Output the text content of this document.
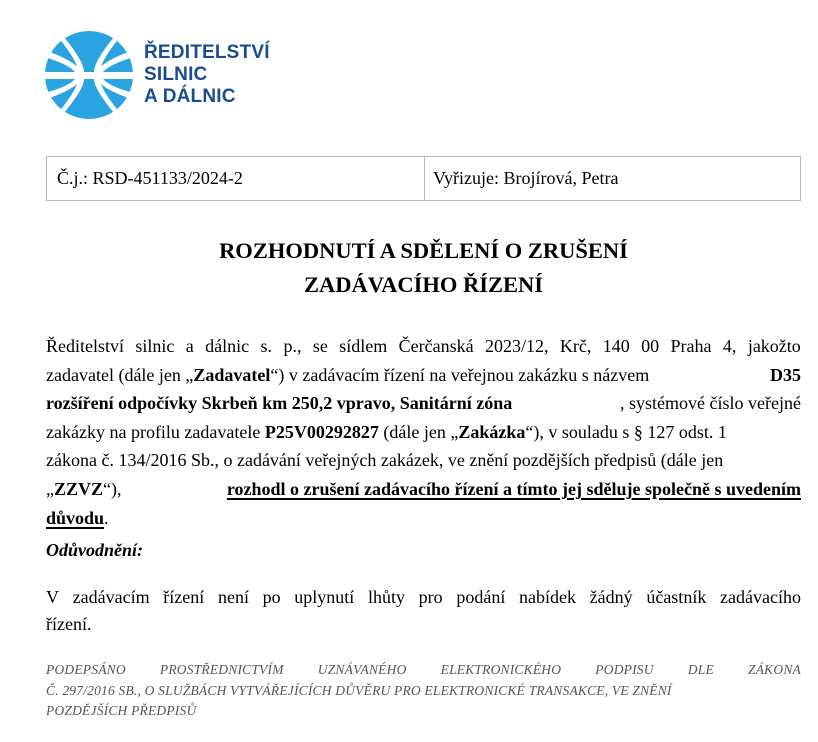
ŘEDITELSTVÍ
SILNIC
A DÁLNIC
Č.j.: RSD-451133/2024-2	Vyřizuje: Brojírová, Petra
ROZHODNUTÍ A SDĚLENÍ O ZRUŠENÍ
ZADÁVACÍHO ŘÍZENÍ
Ředitelství silnic a dálnic s. p., se sídlem Čerčanská 2023/12, Krč, 140 00 Praha 4, jakožto
zadavatel (dále jen „Zadavatel“) v zadávacím řízení na veřejnou zakázku s názvem	D35
rozšíření odpočívky Skrbeň km 250,2 vpravo, Sanitární zóna	, systémové číslo veřejné
zakázky na profilu zadavatele P25V00292827 (dále jen „Zakázka“), v souladu s § 127 odst. 1
zákona č. 134/2016 Sb., o zadávání veřejných zakázek, ve znění pozdějších předpisů (dále jen
„ZZVZ“),	rozhodl o zrušení zadávacího řízení a tímto jej sděluje společně s uvedením
důvodu .
Odůvodnění:
V zadávacím řízení není po uplynutí lhůty pro podání nabídek žádný účastník zadávacího
řízení.
PODEPSÁNO	PROSTŘEDNICTVÍM	UZNÁVANÉHO	ELEKTRONICKÉHO	PODPISU	DLE	ZÁKONA
Č. 297/2016 SB., O SLUŽBÁCH VYTVÁŘEJÍCÍCH DŮVĚRU PRO ELEKTRONICKÉ TRANSAKCE, VE ZNĚNÍ
POZDĚJŠÍCH PŘEDPISŮ
